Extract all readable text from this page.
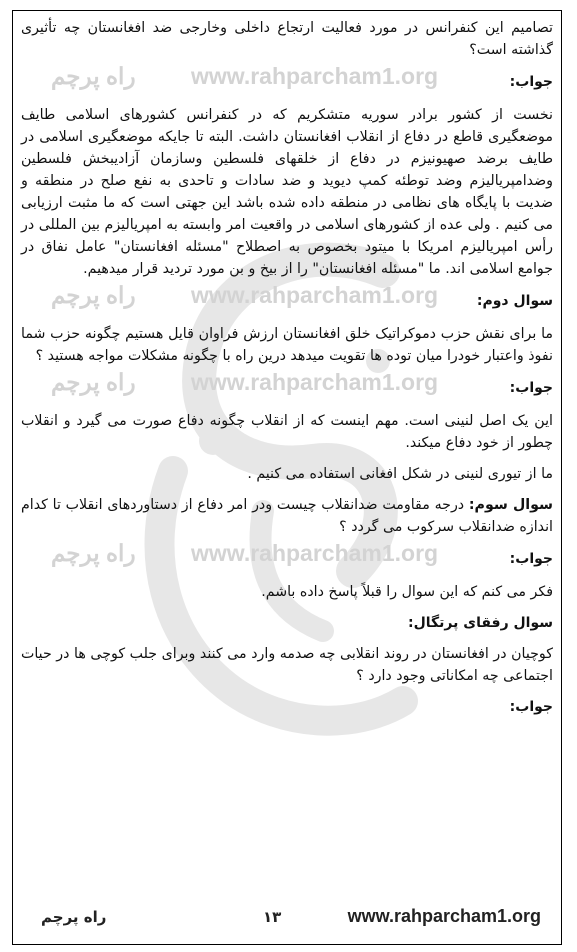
تصامیم این کنفرانس در مورد فعالیت ارتجاع داخلی وخارجی ضد افغانستان چه تأثیری گذاشته است؟

راه پرچم www.rahparcham1.org	جواب:

نخست از کشور برادر سوریه متشکریم که در کنفرانس کشورهای اسلامی طایف موضعگیری قاطع در دفاع از انقلاب افغانستان داشت. البته تا جایکه موضعگیری اسلامی در طایف برضد صهیونیزم در دفاع از خلقهای فلسطین وسازمان آزادیبخش فلسطین وضدامپریالیزم وضد توطئه کمپ دیوید و ضد سادات و تاحدی به نفع صلح در منطقه و ضدیت با پایگاه های نظامی در منطقه داده شده باشد این جهتی است که ما مثبت ارزیابی می کنیم . ولی عده از کشورهای اسلامی در واقعیت امر وابسته به امپریالیزم بین المللی در رأس امپریالیزم امریکا با میتود بخصوص به اصطلاح "مسئله افغانستان" عامل نفاق در جوامع اسلامی اند. ما "مسئله افغانستان" را از بیخ و بن مورد تردید قرار میدهیم.

راه پرچم www.rahparcham1.org	سوال دوم:

ما برای نقش حزب دموکراتیک خلق افغانستان ارزش فراوان قایل هستیم چگونه حزب شما نفوذ واعتبار خودرا میان توده ها تقویت میدهد درین راه با چگونه مشکلات مواجه هستید ؟

راه پرچم www.rahparcham1.org	جواب:

این یک اصل لنینی است. مهم اینست که از انقلاب چگونه دفاع صورت می گیرد و انقلاب چطور از خود دفاع میکند.

ما از تیوری لنینی در شکل افغانی استفاده می کنیم .

سوال سوم: درجه مقاومت ضدانقلاب چیست ودر امر دفاع از دستاوردهای انقلاب تا کدام اندازه ضدانقلاب سرکوب می گردد ؟

راه پرچم www.rahparcham1.org	جواب:

فکر می کنم که این سوال را قبلاً پاسخ داده باشم.

سوال رفقای پرتگال:

کوچیان در افغانستان در روند انقلابی چه صدمه وارد می کنند وبرای جلب کوچی ها در حیات اجتماعی چه امکاناتی وجود دارد ؟

جواب:

راه پرچم	۱۳	www.rahparcham1.org
